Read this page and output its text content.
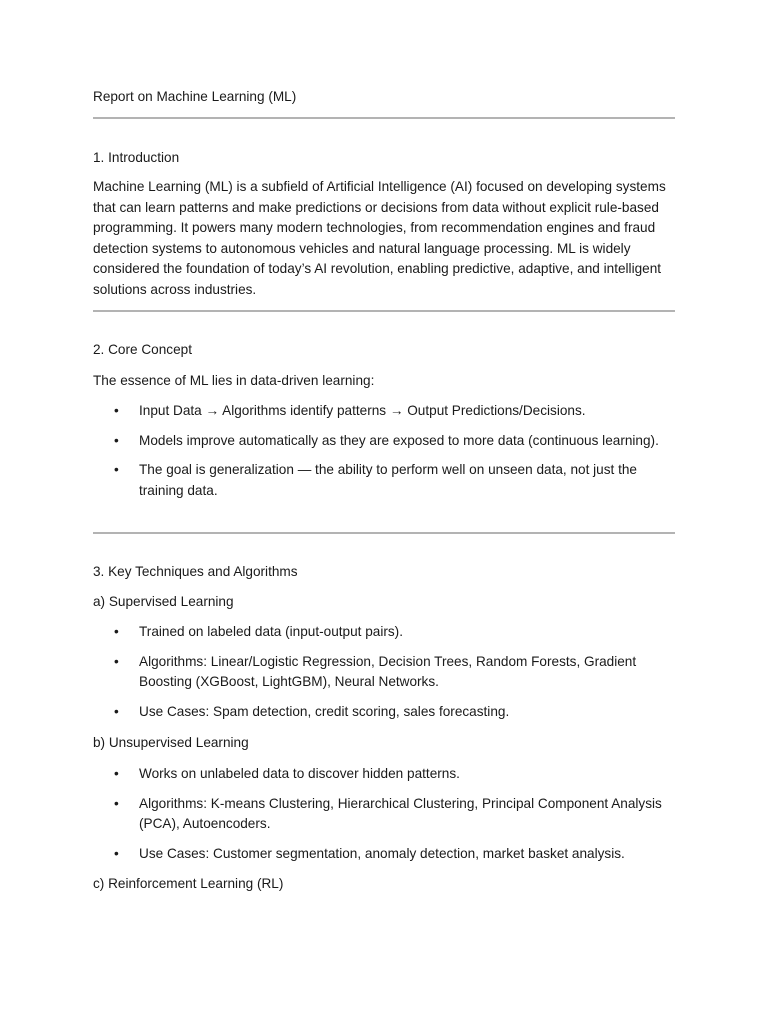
Report on Machine Learning (ML)

1. Introduction

Machine Learning (ML) is a subfield of Artificial Intelligence (AI) focused on developing systems that can learn patterns and make predictions or decisions from data without explicit rule-based programming. It powers many modern technologies, from recommendation engines and fraud detection systems to autonomous vehicles and natural language processing. ML is widely considered the foundation of today’s AI revolution, enabling predictive, adaptive, and intelligent solutions across industries.

2. Core Concept

The essence of ML lies in data-driven learning:

• Input Data → Algorithms identify patterns → Output Predictions/Decisions.
• Models improve automatically as they are exposed to more data (continuous learning).
• The goal is generalization — the ability to perform well on unseen data, not just the training data.

3. Key Techniques and Algorithms

a) Supervised Learning

• Trained on labeled data (input-output pairs).
• Algorithms: Linear/Logistic Regression, Decision Trees, Random Forests, Gradient Boosting (XGBoost, LightGBM), Neural Networks.
• Use Cases: Spam detection, credit scoring, sales forecasting.

b) Unsupervised Learning

• Works on unlabeled data to discover hidden patterns.
• Algorithms: K-means Clustering, Hierarchical Clustering, Principal Component Analysis (PCA), Autoencoders.
• Use Cases: Customer segmentation, anomaly detection, market basket analysis.

c) Reinforcement Learning (RL)
